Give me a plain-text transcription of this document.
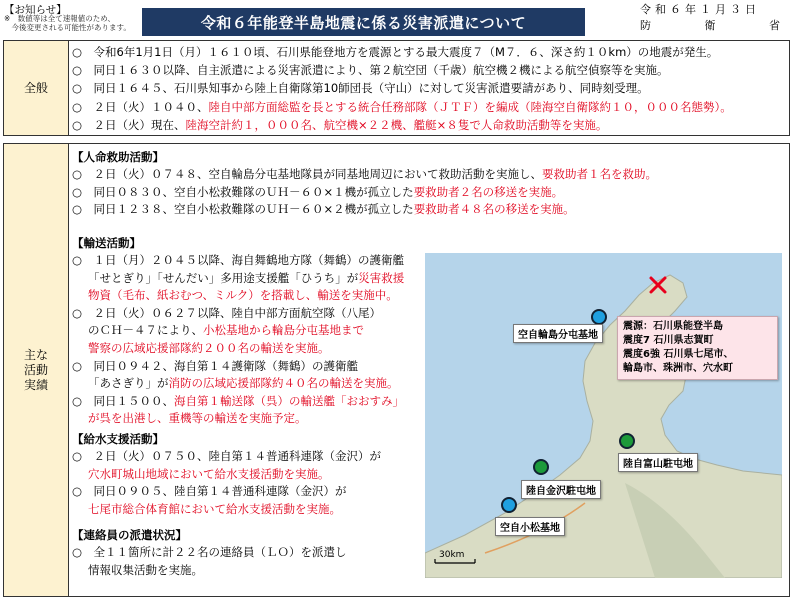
【お知らせ】
※　数値等は全て速報値のため、
　今後変更される可能性があります。	令和６年能登半島地震に係る災害派遣について
令和６年１月３日
防	衛	省
全般
○　 令和6年1月1日（月）１６１０頃、石川県能登地方を震源とする最大震度７（M７．６、深さ約１０km）の地震が発生。
○　 同日１６３０以降、自主派遣による災害派遣により、第２航空団（千歳）航空機２機による航空偵察等を実施。
○　 同日１６４５、石川県知事から陸上自衛隊第10師団長（守山）に対して災害派遣要請があり、同時刻受理。
○　 ２日（火）１０４０、陸自中部方面総監を長とする統合任務部隊（ＪＴＦ）を編成（陸海空自衛隊約１０，０００名態勢）。
○　 ２日（火）現在、陸海空計約１，０００名、航空機×２２機、艦艇×８隻で人命救助活動等を実施。
主な
活動
実績
【人命救助活動】
○　 ２日（火）０７４８、空自輪島分屯基地隊員が同基地周辺において救助活動を実施し、要救助者１名を救助。
○　 同日０８３０、空自小松救難隊のＵＨ－６０×１機が孤立した要救助者２名の移送を実施。
○　 同日１２３８、空自小松救難隊のＵＨ－６０×２機が孤立した要救助者４８名の移送を実施。
【輸送活動】
○　 １日（月）２０４５以降、海自舞鶴地方隊（舞鶴）の護衛艦
「せとぎり」「せんだい」多用途支援艦「ひうち」が災害救援
物資（毛布、紙おむつ、ミルク）を搭載し、輸送を実施中。
○　 ２日（火）０６２７以降、陸自中部方面航空隊（八尾）
のＣＨ－４７により、小松基地から輪島分屯基地まで
警察の広域応援部隊約２００名の輸送を実施。
○　 同日０９４２、海自第１４護衛隊（舞鶴）の護衛艦
「あさぎり」が消防の広域応援部隊約４０名の輸送を実施。
○　 同日１５００、海自第１輸送隊（呉）の輸送艦「おおすみ」
が呉を出港し、重機等の輸送を実施予定。
【給水支援活動】
○　 ２日（火）０７５０、陸自第１４普通科連隊（金沢）が
穴水町城山地域において給水支援活動を実施。
○　 同日０９０５、陸自第１４普通科連隊（金沢）が
七尾市総合体育館において給水支援活動を実施。
【連絡員の派遣状況】
○　 全１１箇所に計２２名の連絡員（ＬＯ）を派遣し
情報収集活動を実施。
30km
空自輪島分屯基地
陸自富山駐屯地
陸自金沢駐屯地
空自小松基地
震源：石川県能登半島
震度7 石川県志賀町
震度6強 石川県七尾市、
輪島市、珠洲市、穴水町
